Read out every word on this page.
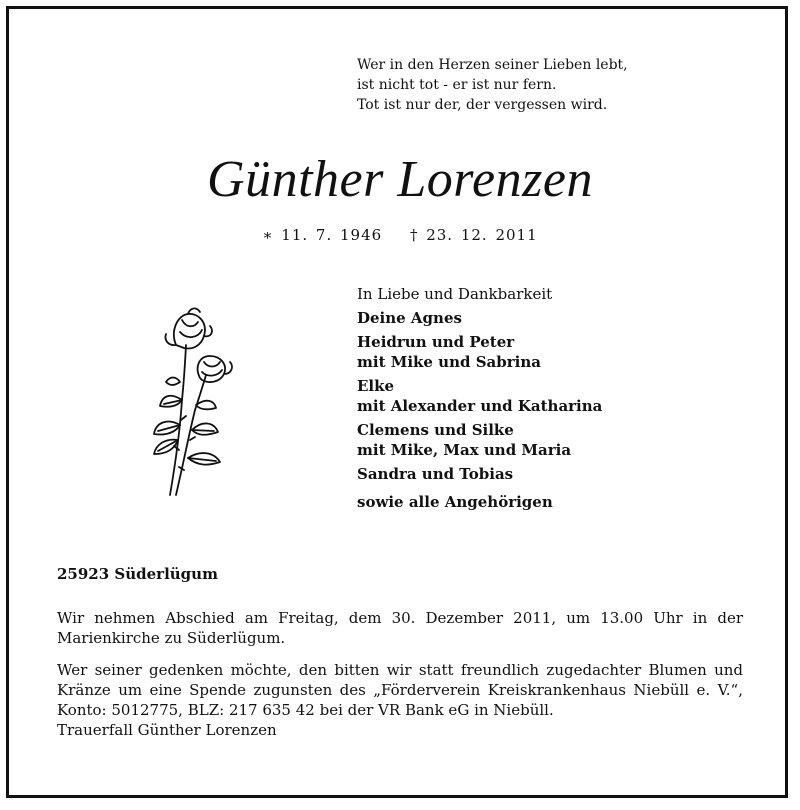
Wer in den Herzen seiner Lieben lebt,
ist nicht tot - er ist nur fern.
Tot ist nur der, der vergessen wird.
Günther Lorenzen
∗ 11. 7. 1946 † 23. 12. 2011
In Liebe und Dankbarkeit
Deine Agnes
Heidrun und Peter
mit Mike und Sabrina
Elke
mit Alexander und Katharina
Clemens und Silke
mit Mike, Max und Maria
Sandra und Tobias
sowie alle Angehörigen
25923 Süderlügum
Wir nehmen Abschied am Freitag, dem 30. Dezember 2011, um 13.00 Uhr in der Marienkirche zu Süderlügum.
Wer seiner gedenken möchte, den bitten wir statt freundlich zugedachter Blumen und Kränze um eine Spende zugunsten des „Förderverein Kreiskrankenhaus Niebüll e. V.“, Konto: 5012775, BLZ: 217 635 42 bei der VR Bank eG in Niebüll.
Trauerfall Günther Lorenzen
